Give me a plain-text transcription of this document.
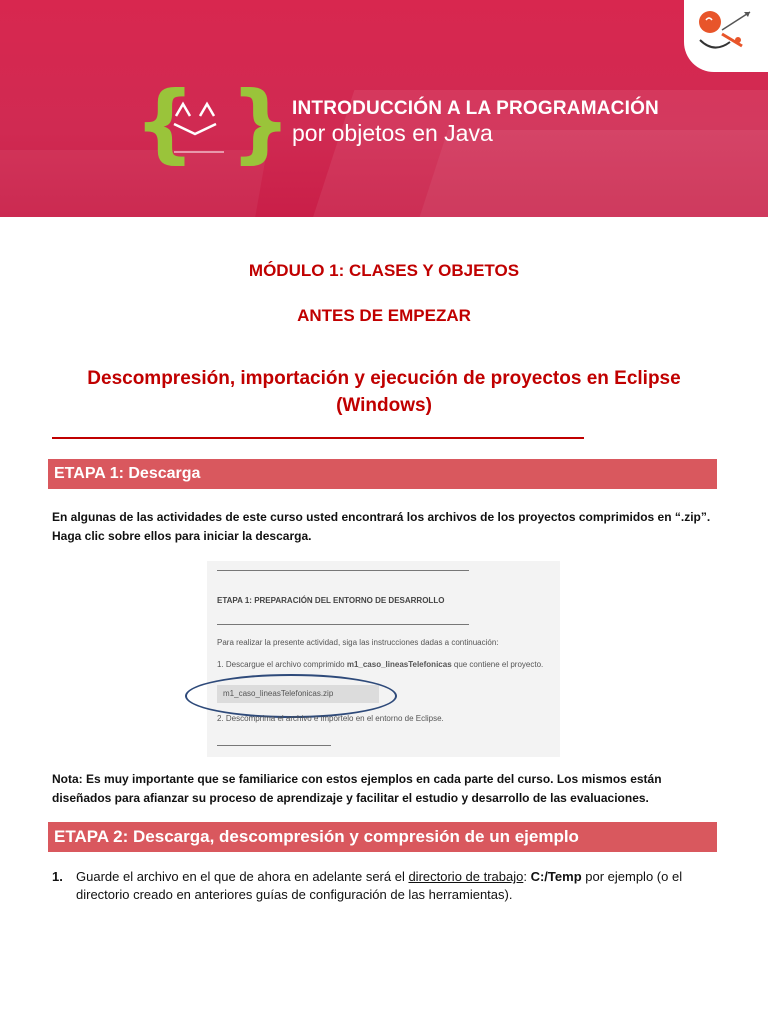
{ } INTRODUCCIÓN A LA PROGRAMACIÓN
por objetos en Java
MÓDULO 1: CLASES Y OBJETOS
ANTES DE EMPEZAR
Descompresión, importación y ejecución de proyectos en Eclipse
(Windows)
ETAPA 1: Descarga
En algunas de las actividades de este curso usted encontrará los archivos de los proyectos comprimidos en “.zip”. Haga clic sobre ellos para iniciar la descarga.
ETAPA 1: PREPARACIÓN DEL ENTORNO DE DESARROLLO
Para realizar la presente actividad, siga las instrucciones dadas a continuación:
1. Descargue el archivo comprimido m1_caso_lineasTelefonicas que contiene el proyecto.
m1_caso_lineasTelefonicas.zip
2. Descomprima el archivo e impórtelo en el entorno de Eclipse.
Nota: Es muy importante que se familiarice con estos ejemplos en cada parte del curso. Los mismos están diseñados para afianzar su proceso de aprendizaje y facilitar el estudio y desarrollo de las evaluaciones.
ETAPA 2: Descarga, descompresión y compresión de un ejemplo
1. Guarde el archivo en el que de ahora en adelante será el directorio de trabajo: C:/Temp por ejemplo (o el directorio creado en anteriores guías de configuración de las herramientas).
